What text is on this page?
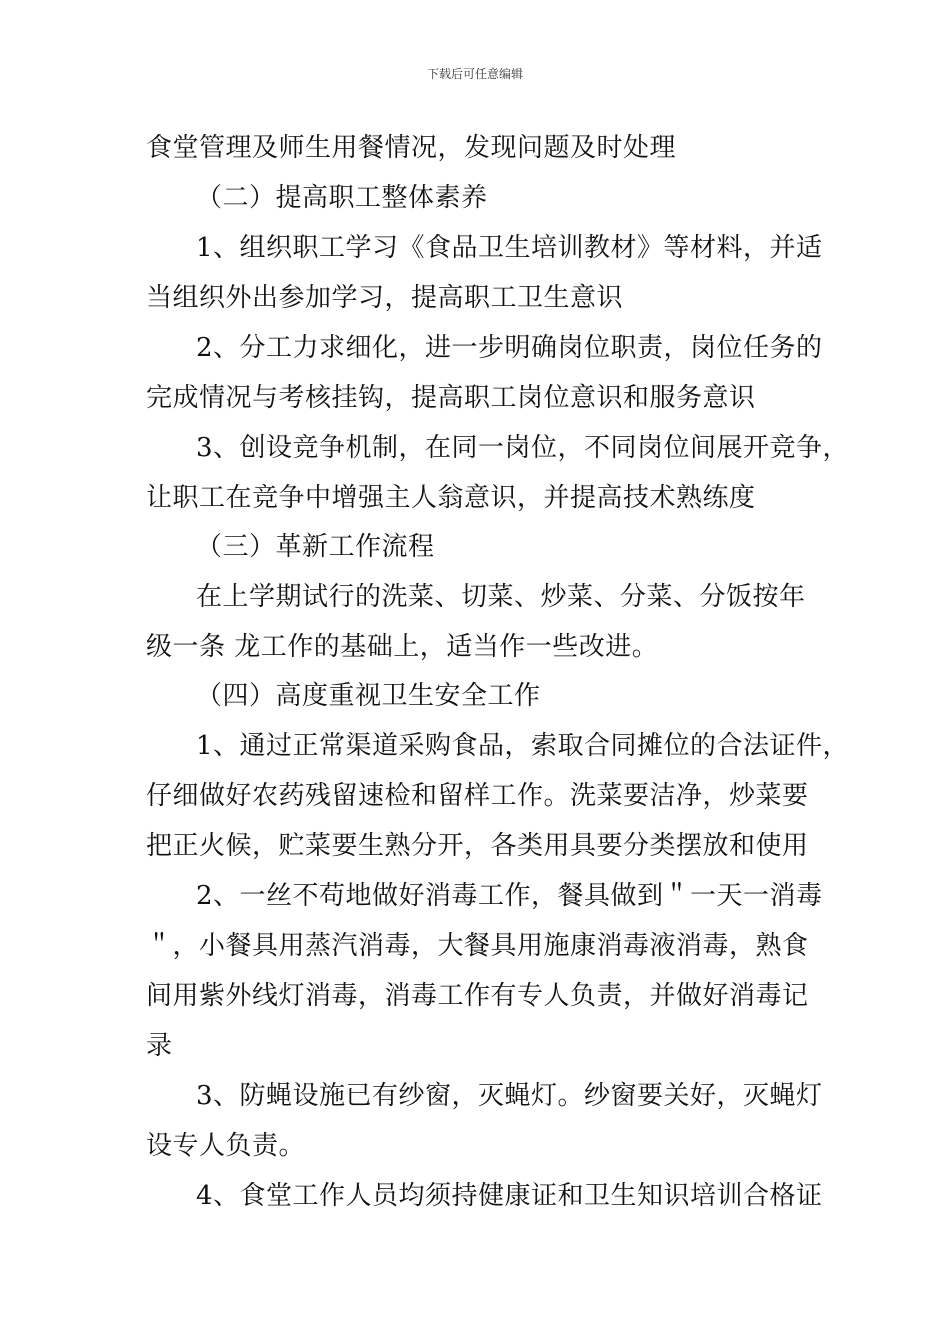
下载后可任意编辑
食堂管理及师生用餐情况，发现问题及时处理
（二）提高职工整体素养
1、组织职工学习《食品卫生培训教材》等材料，并适
当组织外出参加学习，提高职工卫生意识
2、分工力求细化，进一步明确岗位职责，岗位任务的
完成情况与考核挂钩，提高职工岗位意识和服务意识
3、创设竞争机制，在同一岗位，不同岗位间展开竞争，
让职工在竞争中增强主人翁意识，并提高技术熟练度
（三）革新工作流程
在上学期试行的洗菜、切菜、炒菜、分菜、分饭按年
级一条 龙工作的基础上，适当作一些改进。
（四）高度重视卫生安全工作
1、通过正常渠道采购食品，索取合同摊位的合法证件，
仔细做好农药残留速检和留样工作。洗菜要洁净，炒菜要
把正火候，贮菜要生熟分开，各类用具要分类摆放和使用
2、一丝不苟地做好消毒工作，餐具做到＂一天一消毒
＂，小餐具用蒸汽消毒，大餐具用施康消毒液消毒，熟食
间用紫外线灯消毒，消毒工作有专人负责，并做好消毒记
录
3、防蝇设施已有纱窗，灭蝇灯。纱窗要关好，灭蝇灯
设专人负责。
4、食堂工作人员均须持健康证和卫生知识培训合格证
